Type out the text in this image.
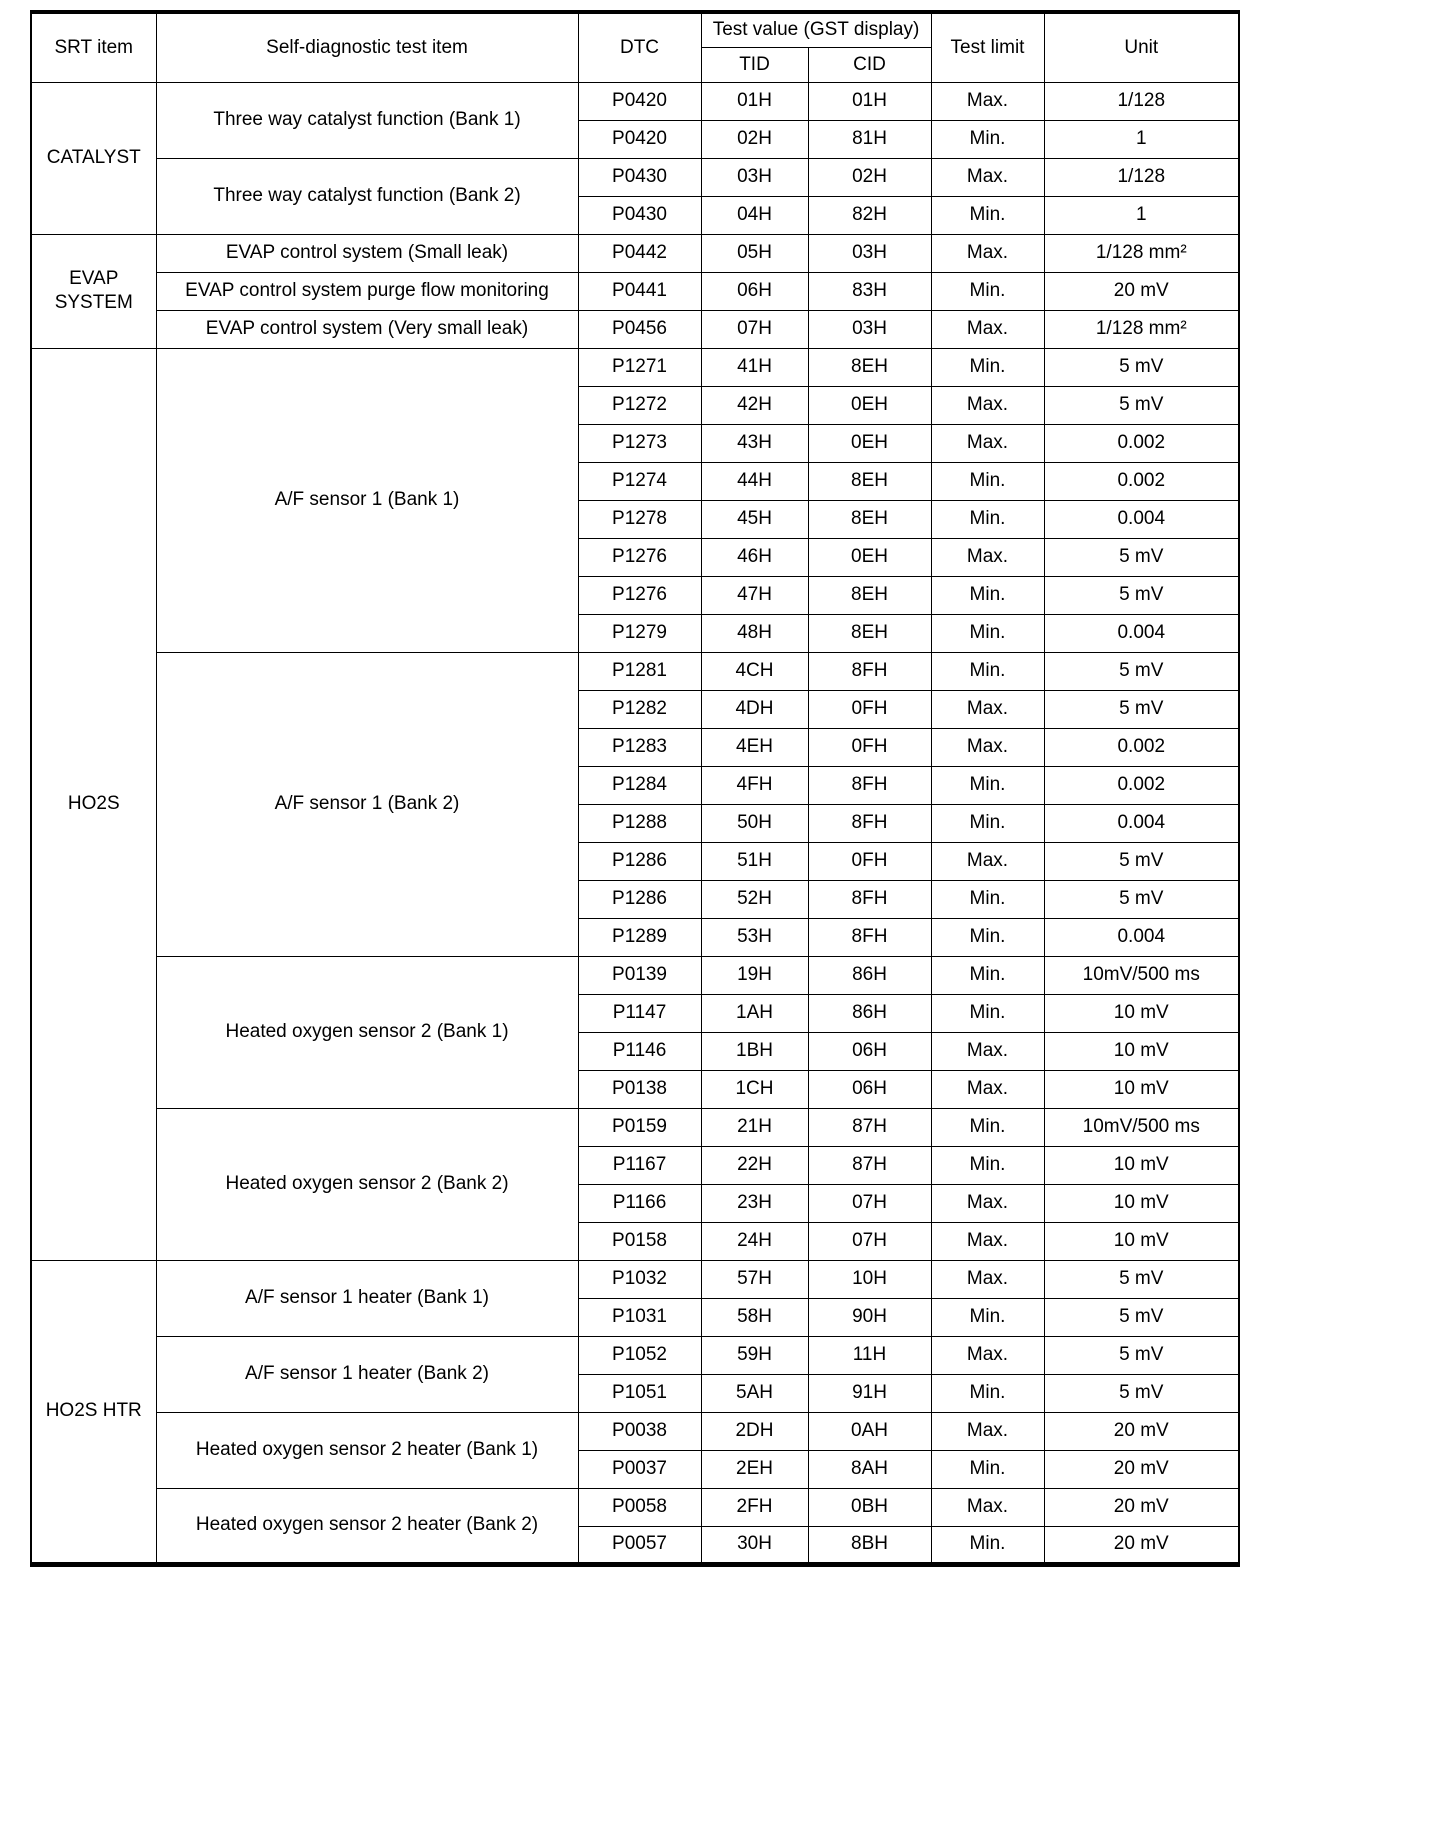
SRT item	Self-diagnostic test item	DTC	Test value (GST display)		Test limit	Unit
			TID	CID		
CATALYST	Three way catalyst function (Bank 1)	P0420	01H	01H	Max.	1/128
		P0420	02H	81H	Min.	1
	Three way catalyst function (Bank 2)	P0430	03H	02H	Max.	1/128
		P0430	04H	82H	Min.	1
EVAP SYSTEM	EVAP control system (Small leak)	P0442	05H	03H	Max.	1/128 mm²
	EVAP control system purge flow monitoring	P0441	06H	83H	Min.	20 mV
	EVAP control system (Very small leak)	P0456	07H	03H	Max.	1/128 mm²
HO2S	A/F sensor 1 (Bank 1)	P1271	41H	8EH	Min.	5 mV
		P1272	42H	0EH	Max.	5 mV
		P1273	43H	0EH	Max.	0.002
		P1274	44H	8EH	Min.	0.002
		P1278	45H	8EH	Min.	0.004
		P1276	46H	0EH	Max.	5 mV
		P1276	47H	8EH	Min.	5 mV
		P1279	48H	8EH	Min.	0.004
	A/F sensor 1 (Bank 2)	P1281	4CH	8FH	Min.	5 mV
		P1282	4DH	0FH	Max.	5 mV
		P1283	4EH	0FH	Max.	0.002
		P1284	4FH	8FH	Min.	0.002
		P1288	50H	8FH	Min.	0.004
		P1286	51H	0FH	Max.	5 mV
		P1286	52H	8FH	Min.	5 mV
		P1289	53H	8FH	Min.	0.004
	Heated oxygen sensor 2 (Bank 1)	P0139	19H	86H	Min.	10mV/500 ms
		P1147	1AH	86H	Min.	10 mV
		P1146	1BH	06H	Max.	10 mV
		P0138	1CH	06H	Max.	10 mV
	Heated oxygen sensor 2 (Bank 2)	P0159	21H	87H	Min.	10mV/500 ms
		P1167	22H	87H	Min.	10 mV
		P1166	23H	07H	Max.	10 mV
		P0158	24H	07H	Max.	10 mV
HO2S HTR	A/F sensor 1 heater (Bank 1)	P1032	57H	10H	Max.	5 mV
		P1031	58H	90H	Min.	5 mV
	A/F sensor 1 heater (Bank 2)	P1052	59H	11H	Max.	5 mV
		P1051	5AH	91H	Min.	5 mV
	Heated oxygen sensor 2 heater (Bank 1)	P0038	2DH	0AH	Max.	20 mV
		P0037	2EH	8AH	Min.	20 mV
	Heated oxygen sensor 2 heater (Bank 2)	P0058	2FH	0BH	Max.	20 mV
		P0057	30H	8BH	Min.	20 mV
